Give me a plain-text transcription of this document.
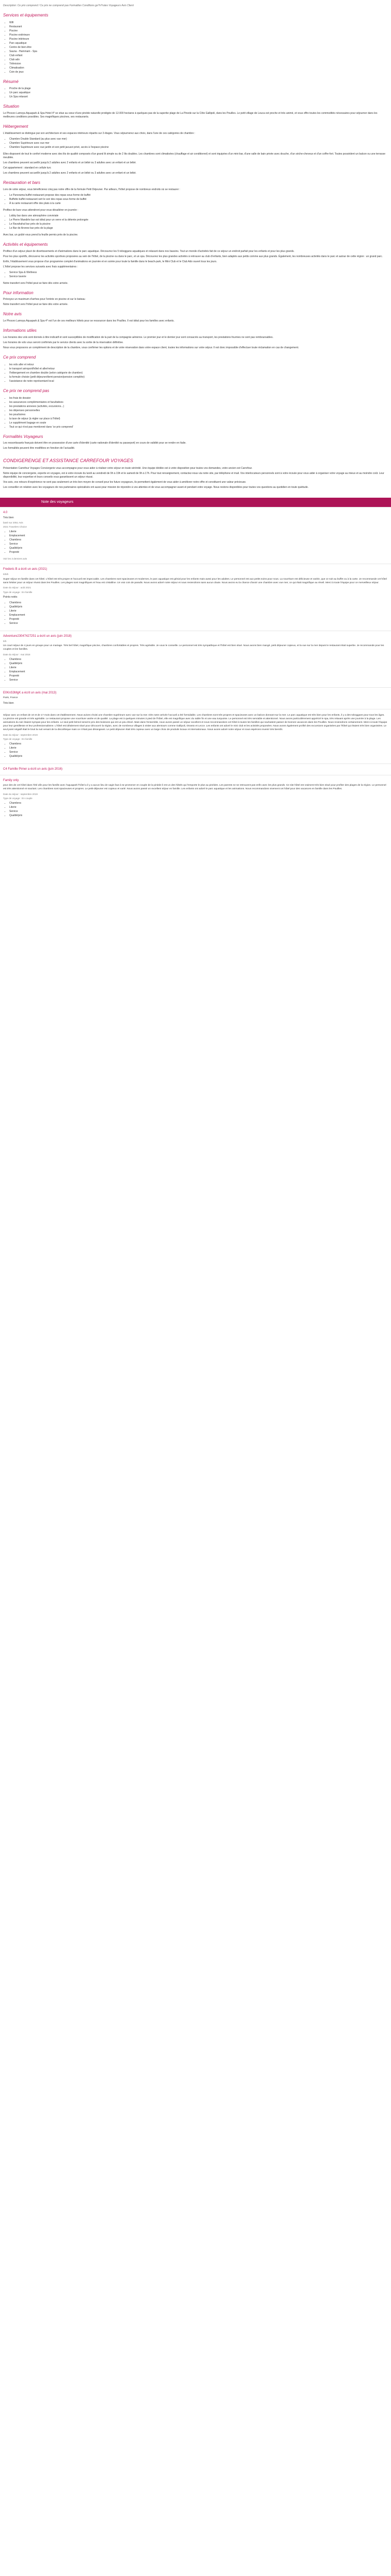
Description: Ce prix comprend / Ce prix ne comprend pas Formalites Conditions ge?n?rales Voyageurs Avis Client

Services et équipements
• Wifi
• Restaurant
• Piscine
• Piscine extérieure
• Piscine intérieure
• Parc aquatique
• Centre de bien-être
• Sauna - Hammam - Spa
• Club enfant
• Club ado
• Télévision
• Climatisation
• Coin de jeux
Résumé
• Proche de la plage
• Un parc aquatique
• Un Spa relaxant
Situation

Le Phoceo Lamoya Aquapark & Spa Hotel 4* se situe au cœur d'une pinède naturelle protégée de 12.000 hectares à quelques pas de la superbe plage de La Pinede sur la Côte Gallipoli, dans les Pouilles. Le petit village de Leuca est proche et très animé, et vous offre toutes les commodités nécessaires pour séjourner dans les meilleures conditions possibles. Ses magnifiques piscines, ses restaurants.

Hébergement

L'établissement se distingue par son architecture et ses espaces intérieurs répartis sur 3 étages. Vous séjournerez aux choix, dans l'une de ces catégories de chambre :

• Chambre Double Standard (au plus avec vue mer)
• Chambre Supérieure avec vue mer
• Chambre Supérieure avec vue jardin et son petit jacuzzi privé, accès à l'espace piscine

Elles disposent de tout le confort moderne avec des lits de qualité composés d'un grand lit simple ou de 2 lits doubles. Les chambres sont climatisées (chauffage et air conditionné) et sont équipées d'un mini-bar, d'une salle de bain privée avec douche, d'un sèche-cheveux et d'un coffre-fort. Toutes possèdent un balcon ou une terrasse meublée.

Les chambres peuvent accueillir jusqu'à 2 adultes avec 2 enfants et un bébé ou 3 adultes avec un enfant et un bébé.

Cet appartement : standard en cellule turc

Les chambres peuvent accueillir jusqu'à 2 adultes avec 2 enfants et un bébé ou 3 adultes avec un enfant et un bébé.

Restauration et bars

Lors de votre séjour, vous bénéficierez cinq pas notre offre de la formule Petit Déjeuner. Par ailleurs, l'hôtel propose de nombreux endroits où se restaurer :

• Le Panorama buffet restaurant propose des repas sous forme de buffet
• Buffetto buffet restaurant sert le soir des repas sous forme de buffet
• À la carte restaurant offre des plats à la carte

Profitez de bars vous attendront pour vous désaltérer en journée :

• Lobby bar dans une atmosphère conviviale
• Le Pierre Mandirle bar est idéal pour un verre et la détente prolongée
• Le Ravahahal bar près de la piscine
• Le Bar de Aronne bar près de la plage

Avec bar, un goûté vous prend la feuille permis près de la piscine.

Activités et équipements

Profitez d'un séjour placé de divertissements et d'animations dans le parc aquatique. Découvrez les 5 toboggans aquatiques et relaxant dans nos bassins. Tout un monde d'activités fait de ce séjour un endroit parfait pour les enfants et pour les plus grands.

Pour les plus sportifs, découvrez les activités sportives proposées au sein de l'hôtel, de la piscine ou dans le parc, et un spa. Découvrez les plus grandes activités à retrouver au club d'enfants, bien adaptés aux petits comme aux plus grands. Également, les nombreuses activités dans le parc et autour de cette région : un grand parc.

Enfin, l'établissement vous propose d'un programme complet d'animations en journée et en soirée pour toute la famille dans le beach-park, le Mini Club et le Club Ado ouvert tous les jours.

L'hôtel propose les services suivants avec frais supplémentaires :

• Service Spa & Wellness
• Service laverie

Notre transfert vers l'hôtel peut se faire dès votre arrivée.

Pour information

Prévoyez un maximum d'arrhes pour l'entrée en piscine et sur le bateau

Notre transfert vers l'hôtel peut se faire dès votre arrivée.

Notre avis

Le Phoceo Lamoya Aquapark & Spa 4* est l'un de ces meilleurs hôtels pour se ressourcer dans les Pouilles. Il est idéal pour les familles avec enfants.

Informations utiles

Les horaires des vols sont donnés à titre indicatif et sont susceptibles de modification de la part de la compagnie aérienne. Le premier jour et le dernier jour sont consacrés au transport, les prestations fournies ne sont pas remboursables.

Les horaires de vols vous seront confirmés par le service clients avec la sortie de la réservation définitive.

Nous vous proposons un complément de description de la chambre, vous confirmer les options et de votre réservation dans votre espace client, toutes les informations sur votre séjour. Il est donc impossible d'effectuer toute réclamation en cas de changement.

Ce prix comprend
• les vols aller et retour
• le transport aéroport/hôtel et aller/retour
• l'hébergement en chambre double (selon catégorie de chambre)
• la formule choisie (petit déjeuner/demi-pension/pension complète)
• l'assistance de notre représentant local
Ce prix ne comprend pas
• les frais de dossier
• les assurances complémentaires et facultatives
• les prestations annexes (activités, excursions...)
• les dépenses personnelles
• les pourboires
• la taxe de séjour (à régler sur place à l'hôtel)
• Le supplément bagage en soute
• Tout ce qui n'est pas mentionné dans 'ce prix comprend'
Formalités Voyageurs

Les ressortissants français doivent être en possession d'une carte d'identité (carte nationale d'identité ou passeport) en cours de validité pour se rendre en Italie.

Les formalités peuvent être modifiées en fonction de l'actualité.

CONDIGERENGE ET ASSISTANCE CARREFOUR VOYAGES

Présentation Carrefour Voyages Conciergerie vous accompagne pour vous aider à réaliser votre séjour en toute sérénité. Une équipe dédiée est à votre disposition pour toutes vos demandes, votre ancien est Carrefour.

Notre équipe de conciergerie, experte en voyages, est à votre écoute du lundi au vendredi de 9h à 19h et le samedi de 9h à 17h. Pour tout renseignement, contactez-nous via notre site, par téléphone et mail. Vos interlocuteurs personnels sont à votre écoute pour vous aider à organiser votre voyage au mieux et au moindre coût. Leur disponibilité, leur expertise et leurs conseils vous garantissent un séjour réussi.

Vos avis, vos retours d'expérience ne sont pas seulement un très bon moyen de conseil pour les futurs voyageurs, ils permettent également de vous aider à améliorer notre offre et constituent une valeur précieuse.

Les conseiller en relation avec les voyageurs de nos partenaires spécialisés ont aussi pour mission de répondre à vos attentes et de vous accompagner avant et pendant votre voyage. Nous restons disponibles pour toutes vos questions au quotidien en toute quiétude.

Note des voyageurs
4.0
Très bien
basé sur 2051 Avis
2021 Travelers Choice
• Literie
• Emplacement
• Chambres
• Service
• Qualité/prix
• Propreté
Voir les 3 derniers avis
Frederic B a écrit un avis (2021)
5/5/5
Super séjour en famille dans cet hôtel. L'hôtel est très propre et l'accueil est impeccable. Les chambres sont spacieuses et modernes, le parc aquatique est génial pour les enfants mais aussi pour les adultes. Le personnel est aux petits soins pour nous. La nourriture est délicieuse et variée, que ce soit au buffet ou à la carte. Je recommande cet hôtel sans hésiter pour un séjour réussi dans les Pouilles. Les plages sont magnifiques et l'eau est cristalline. Un vrai coin de paradis. Nous avons adoré notre séjour et nous reviendrons sans aucun doute. Nous avons eu la chance d'avoir une chambre avec vue mer, ce qui était magnifique au réveil. Merci à toute l'équipe pour ce merveilleux séjour.
Date du séjour : août 2021
Type de voyage : En famille
Points notés
• Chambres
• Qualité/prix
• Literie
• Emplacement
• Propreté
• Service
Adventure23047427251 a écrit un avis (juin 2018)
5/5
Un court séjour de 4 jours en groupe pour un mariage. Très bel hôtel, magnifique piscine, chambres confortables et propres. Très agréable. Je vous le conseille. Le personnel est très sympathique et l'hôtel est bien situé. Nous avons bien mangé, petit déjeuner copieux, et la vue sur la mer depuis le restaurant était superbe. Je recommande pour les couples et les familles.
Date du séjour : mai 2018
• Chambres
• Qualité/prix
• Literie
• Emplacement
• Propreté
• Service
E0KnS3MgK a écrit un avis (mai 2013)
Paris, France
Très bien
Séjour avec un enfant de 10 et de 17 mois dans cet établissement. Nous avions choisi une chambre supérieure avec vue sur la mer. Dès notre arrivée l'accueil a été formidable. Les chambres sont très propres et spacieuses avec un balcon donnant sur la mer. Le parc aquatique est très bien pour les enfants, il y a des toboggans pour tous les âges. La piscine est grande et très agréable. Le restaurant propose une nourriture variée et de qualité. La plage est à quelques minutes à pied de l'hôtel, elle est magnifique avec du sable fin et une eau turquoise. Le personnel est très serviable et attentionné. Nous avons particulièrement apprécié le spa, très relaxant après une journée à la plage. Les animations du soir étaient sympas pour les enfants. Le seul petit bémol serait le prix des boissons qui est un peu élevé. Mais dans l'ensemble, nous avons passé un séjour excellent et nous recommandons cet hôtel à toutes les familles qui souhaitent passer de bonnes vacances dans les Pouilles. Nous reviendrons certainement. Merci à toute l'équipe pour leur gentillesse et leur professionnalisme. L'hôtel est idéalement situé pour découvrir la région, avec de nombreux villages à visiter aux alentours comme Gallipoli, Otranto et Lecce. Les enfants ont adoré le mini club et les activités proposées. Nous avons également profité des excursions organisées par l'hôtel qui étaient très bien organisées. Le seul point négatif était le bruit la nuit venant de la discothèque mais ce n'était pas dérangeant. Le petit déjeuner était très copieux avec un large choix de produits locaux et internationaux. Nous avons adoré notre séjour et nous espérons revenir très bientôt.
Date du séjour : septembre 2019
Type de voyage : En famille
• Chambres
• Literie
• Service
• Qualité/prix
C4 Famille Pirner a écrit un avis (juin 2016)
Family only
pour des de cet hôtel dans l'été afin pour les famille avec l'aquapark l'hôtel a il y a aucun lieu de vagin faut à se promener en couple de la pinède il est un des hôtels qui l'emporte le plus au pinèdes. Les parents ne se retrouvent pas enfin avec les plus grands. Ce site hôtel est vraiment très bien situé pour profiter des plages de la région. Le personnel est très attentionné et souriant. Les chambres sont spacieuses et propres. Le petit-déjeuner est copieux et varié. Nous avons passé un excellent séjour en famille. Les enfants ont adoré le parc aquatique et les animations. Nous recommandons vivement cet hôtel pour des vacances en famille dans les Pouilles.
Date du séjour : septembre 2019
Type de voyage : En couple
• Chambres
• Literie
• Service
• Qualité/prix
